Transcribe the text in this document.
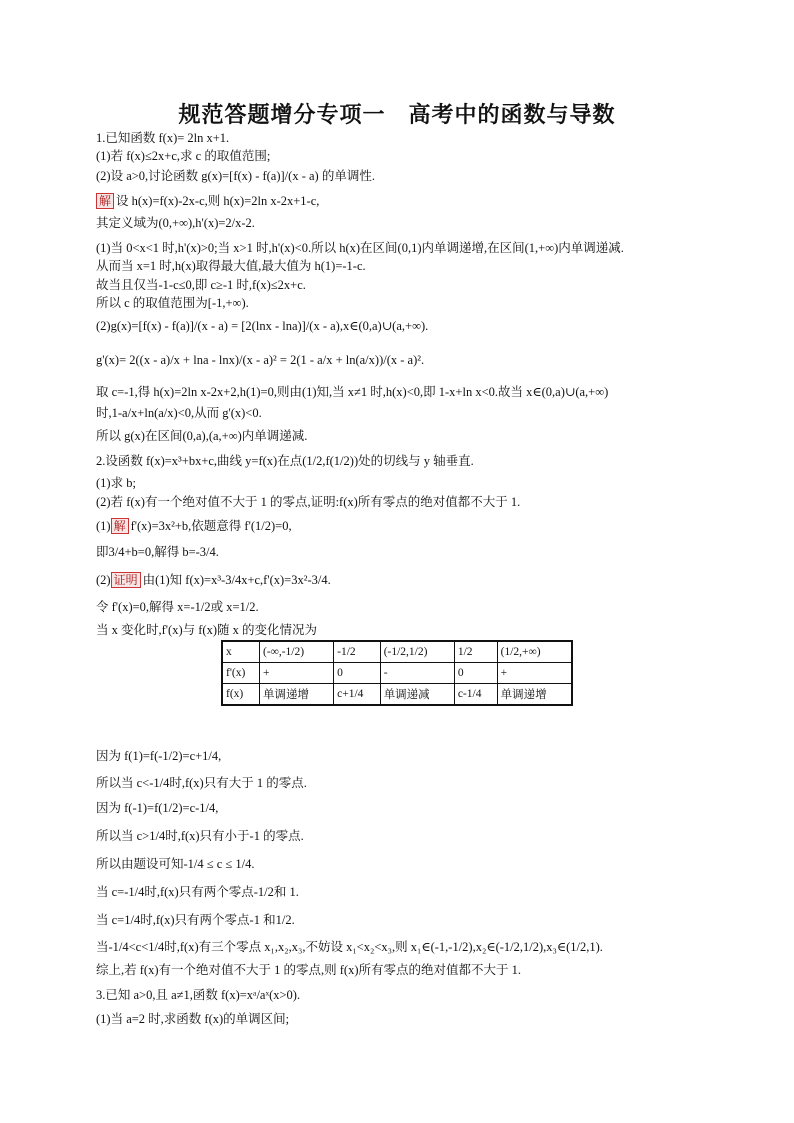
规范答题增分专项一　高考中的函数与导数
1.已知函数 f(x)= 2ln x+1.
(1)若 f(x)≤2x+c,求 c 的取值范围;
(2)设 a>0,讨论函数 g(x)=[f(x) - f(a)]/(x - a) 的单调性.
解 设 h(x)=f(x)-2x-c,则 h(x)=2ln x-2x+1-c,
其定义域为(0,+∞),h'(x)=2/x-2.
(1)当 0<x<1 时,h'(x)>0;当 x>1 时,h'(x)<0.所以 h(x)在区间(0,1)内单调递增,在区间(1,+∞)内单调递减.
从而当 x=1 时,h(x)取得最大值,最大值为 h(1)=-1-c.
故当且仅当-1-c≤0,即 c≥-1 时,f(x)≤2x+c.
所以 c 的取值范围为[-1,+∞).
(2)g(x)=[f(x) - f(a)]/(x - a) = [2(lnx - lna)]/(x - a),x∈(0,a)∪(a,+∞).
g'(x)= 2((x - a)/x + lna - lnx)/(x - a)² = 2(1 - a/x + ln(a/x))/(x - a)².
取 c=-1,得 h(x)=2ln x-2x+2,h(1)=0,则由(1)知,当 x≠1 时,h(x)<0,即 1-x+ln x<0.故当 x∈(0,a)∪(a,+∞)
时,1-a/x+ln(a/x)<0,从而 g'(x)<0.
所以 g(x)在区间(0,a),(a,+∞)内单调递减.
2.设函数 f(x)=x³+bx+c,曲线 y=f(x)在点(1/2,f(1/2))处的切线与 y 轴垂直.
(1)求 b;
(2)若 f(x)有一个绝对值不大于 1 的零点,证明:f(x)所有零点的绝对值都不大于 1.
(1) 解 f'(x)=3x²+b,依题意得 f'(1/2)=0,
即3/4+b=0,解得 b=-3/4.
(2) 证明 由(1)知 f(x)=x³-3/4x+c,f'(x)=3x²-3/4.
令 f'(x)=0,解得 x=-1/2或 x=1/2.
当 x 变化时,f'(x)与 f(x)随 x 的变化情况为
x	(-∞,-1/2)	-1/2	(-1/2,1/2)	1/2	(1/2,+∞)
f'(x)	+	0	-	0	+
f(x)	单调递增	c+1/4	单调递减	c-1/4	单调递增
因为 f(1)=f(-1/2)=c+1/4,
所以当 c<-1/4时,f(x)只有大于 1 的零点.
因为 f(-1)=f(1/2)=c-1/4,
所以当 c>1/4时,f(x)只有小于-1 的零点.
所以由题设可知-1/4 ≤ c ≤ 1/4.
当 c=-1/4时,f(x)只有两个零点-1/2和 1.
当 c=1/4时,f(x)只有两个零点-1 和1/2.
当-1/4<c<1/4时,f(x)有三个零点 x₁,x₂,x₃,不妨设 x₁<x₂<x₃,则 x₁∈(-1,-1/2),x₂∈(-1/2,1/2),x₃∈(1/2,1).
综上,若 f(x)有一个绝对值不大于 1 的零点,则 f(x)所有零点的绝对值都不大于 1.
3.已知 a>0,且 a≠1,函数 f(x)=xᵃ/aˣ(x>0).
(1)当 a=2 时,求函数 f(x)的单调区间;
